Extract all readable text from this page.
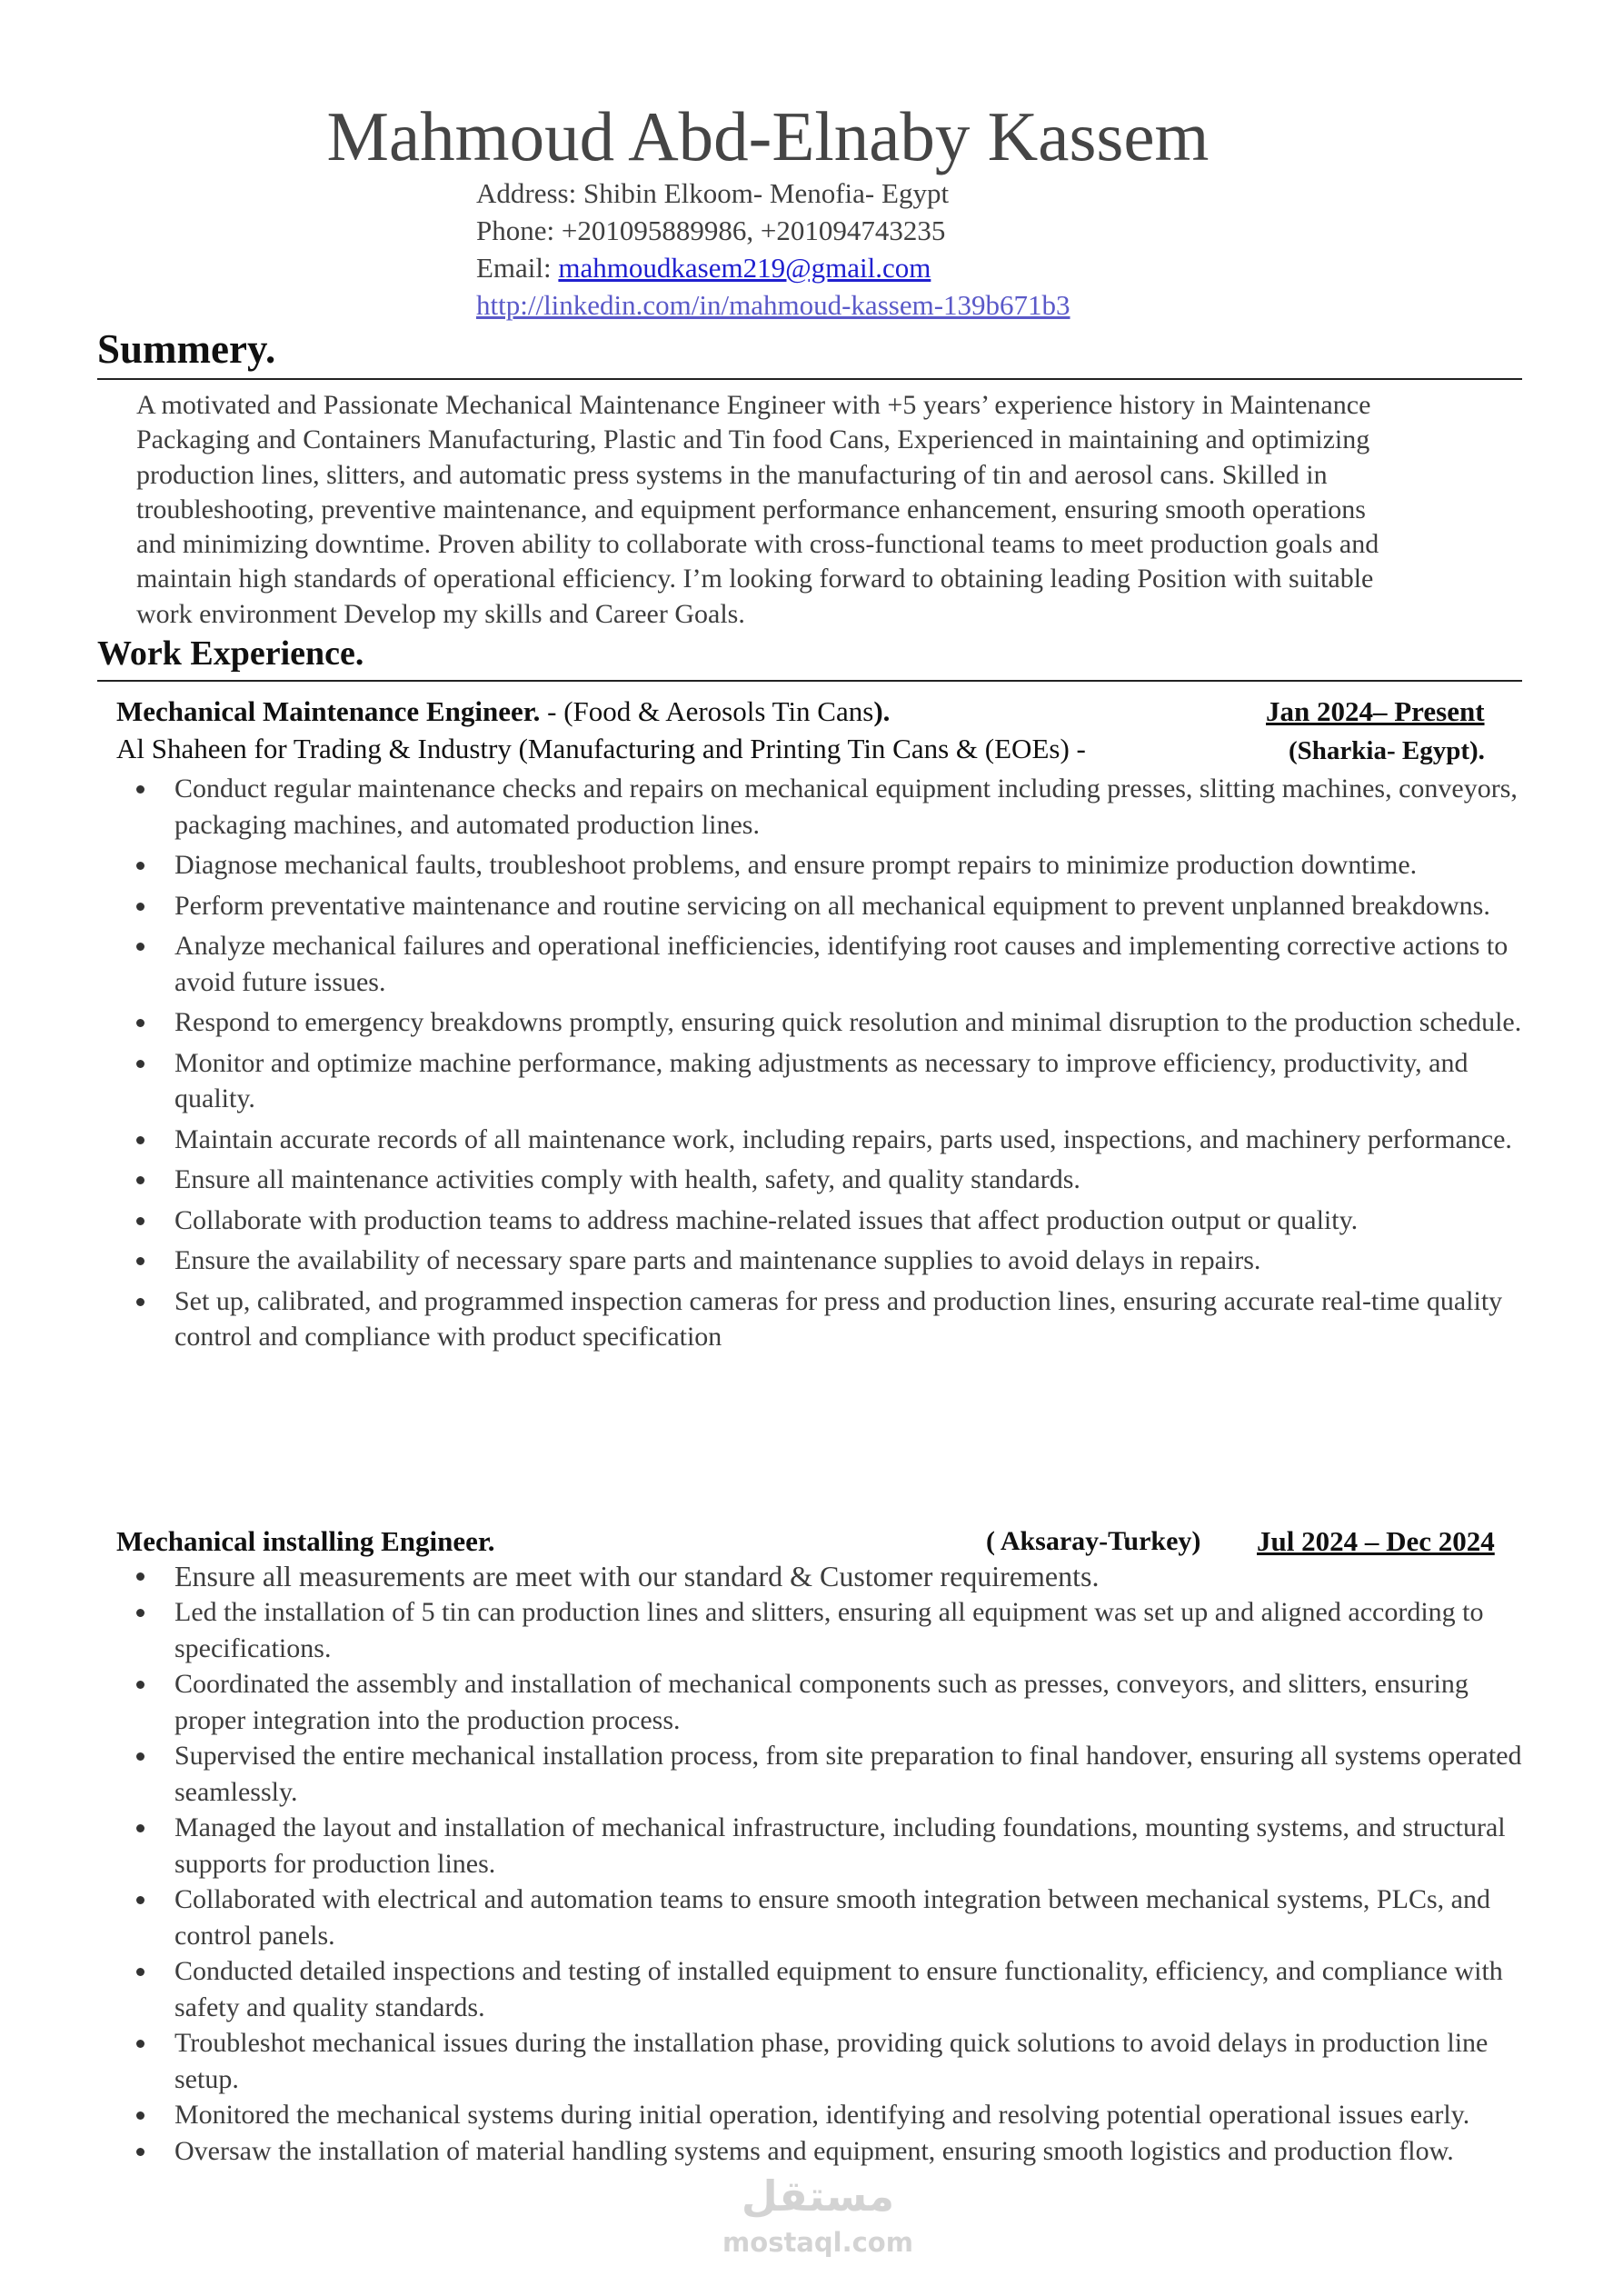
Mahmoud Abd-Elnaby Kassem
Address: Shibin Elkoom- Menofia- Egypt
Phone: +201095889986, +201094743235
Email: mahmoudkasem219@gmail.com
http://linkedin.com/in/mahmoud-kassem-139b671b3
Summery.
A motivated and Passionate Mechanical Maintenance Engineer with +5 years’ experience history in Maintenance
Packaging and Containers Manufacturing, Plastic and Tin food Cans, Experienced in maintaining and optimizing
production lines, slitters, and automatic press systems in the manufacturing of tin and aerosol cans. Skilled in
troubleshooting, preventive maintenance, and equipment performance enhancement, ensuring smooth operations
and minimizing downtime. Proven ability to collaborate with cross-functional teams to meet production goals and
maintain high standards of operational efficiency. I’m looking forward to obtaining leading Position with suitable
work environment Develop my skills and Career Goals.
Work Experience.
Mechanical Maintenance Engineer. - (Food & Aerosols Tin Cans).	Jan 2024– Present
Al Shaheen for Trading & Industry (Manufacturing and Printing Tin Cans & (EOEs) -	(Sharkia- Egypt).
Conduct regular maintenance checks and repairs on mechanical equipment including presses, slitting machines, conveyors, packaging machines, and automated production lines.
Diagnose mechanical faults, troubleshoot problems, and ensure prompt repairs to minimize production downtime.
Perform preventative maintenance and routine servicing on all mechanical equipment to prevent unplanned breakdowns.
Analyze mechanical failures and operational inefficiencies, identifying root causes and implementing corrective actions to avoid future issues.
Respond to emergency breakdowns promptly, ensuring quick resolution and minimal disruption to the production schedule.
Monitor and optimize machine performance, making adjustments as necessary to improve efficiency, productivity, and quality.
Maintain accurate records of all maintenance work, including repairs, parts used, inspections, and machinery performance.
Ensure all maintenance activities comply with health, safety, and quality standards.
Collaborate with production teams to address machine-related issues that affect production output or quality.
Ensure the availability of necessary spare parts and maintenance supplies to avoid delays in repairs.
Set up, calibrated, and programmed inspection cameras for press and production lines, ensuring accurate real-time quality control and compliance with product specification
Mechanical installing Engineer.	( Aksaray-Turkey) Jul 2024 – Dec 2024
Ensure all measurements are meet with our standard & Customer requirements.
Led the installation of 5 tin can production lines and slitters, ensuring all equipment was set up and aligned according to specifications.
Coordinated the assembly and installation of mechanical components such as presses, conveyors, and slitters, ensuring proper integration into the production process.
Supervised the entire mechanical installation process, from site preparation to final handover, ensuring all systems operated seamlessly.
Managed the layout and installation of mechanical infrastructure, including foundations, mounting systems, and structural supports for production lines.
Collaborated with electrical and automation teams to ensure smooth integration between mechanical systems, PLCs, and control panels.
Conducted detailed inspections and testing of installed equipment to ensure functionality, efficiency, and compliance with safety and quality standards.
Troubleshot mechanical issues during the installation phase, providing quick solutions to avoid delays in production line setup.
Monitored the mechanical systems during initial operation, identifying and resolving potential operational issues early.
Oversaw the installation of material handling systems and equipment, ensuring smooth logistics and production flow.
مستقل
mostaql.com
